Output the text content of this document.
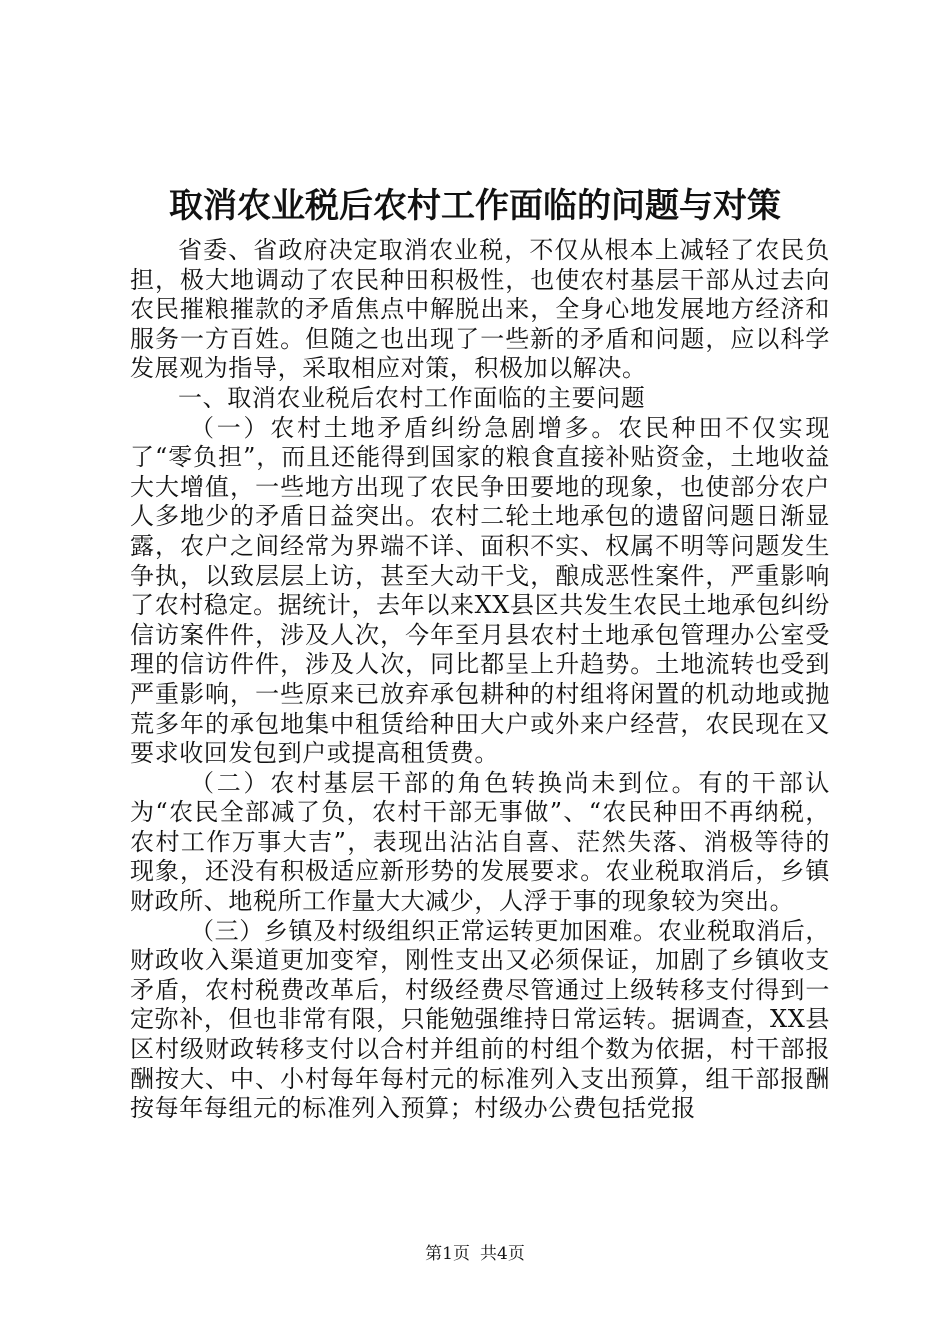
取消农业税后农村工作面临的问题与对策

省委、省政府决定取消农业税，不仅从根本上减轻了农民负担，极大地调动了农民种田积极性，也使农村基层干部从过去向农民摧粮摧款的矛盾焦点中解脱出来，全身心地发展地方经济和服务一方百姓。但随之也出现了一些新的矛盾和问题，应以科学发展观为指导，采取相应对策，积极加以解决。

一、取消农业税后农村工作面临的主要问题

（一）农村土地矛盾纠纷急剧增多。农民种田不仅实现了“零负担”，而且还能得到国家的粮食直接补贴资金，土地收益大大增值，一些地方出现了农民争田要地的现象，也使部分农户人多地少的矛盾日益突出。农村二轮土地承包的遗留问题日渐显露，农户之间经常为界端不详、面积不实、权属不明等问题发生争执，以致层层上访，甚至大动干戈，酿成恶性案件，严重影响了农村稳定。据统计，去年以来XX县区共发生农民土地承包纠纷信访案件件，涉及人次，今年至月县农村土地承包管理办公室受理的信访件件，涉及人次，同比都呈上升趋势。土地流转也受到严重影响，一些原来已放弃承包耕种的村组将闲置的机动地或抛荒多年的承包地集中租赁给种田大户或外来户经营，农民现在又要求收回发包到户或提高租赁费。

（二）农村基层干部的角色转换尚未到位。有的干部认为“农民全部减了负，农村干部无事做”、“农民种田不再纳税，农村工作万事大吉”，表现出沾沾自喜、茫然失落、消极等待的现象，还没有积极适应新形势的发展要求。农业税取消后，乡镇财政所、地税所工作量大大减少，人浮于事的现象较为突出。

（三）乡镇及村级组织正常运转更加困难。农业税取消后，财政收入渠道更加变窄，刚性支出又必须保证，加剧了乡镇收支矛盾，农村税费改革后，村级经费尽管通过上级转移支付得到一定弥补，但也非常有限，只能勉强维持日常运转。据调查，XX县区村级财政转移支付以合村并组前的村组个数为依据，村干部报酬按大、中、小村每年每村元的标准列入支出预算，组干部报酬按每年每组元的标准列入预算；村级办公费包括党报

第1页 共4页
